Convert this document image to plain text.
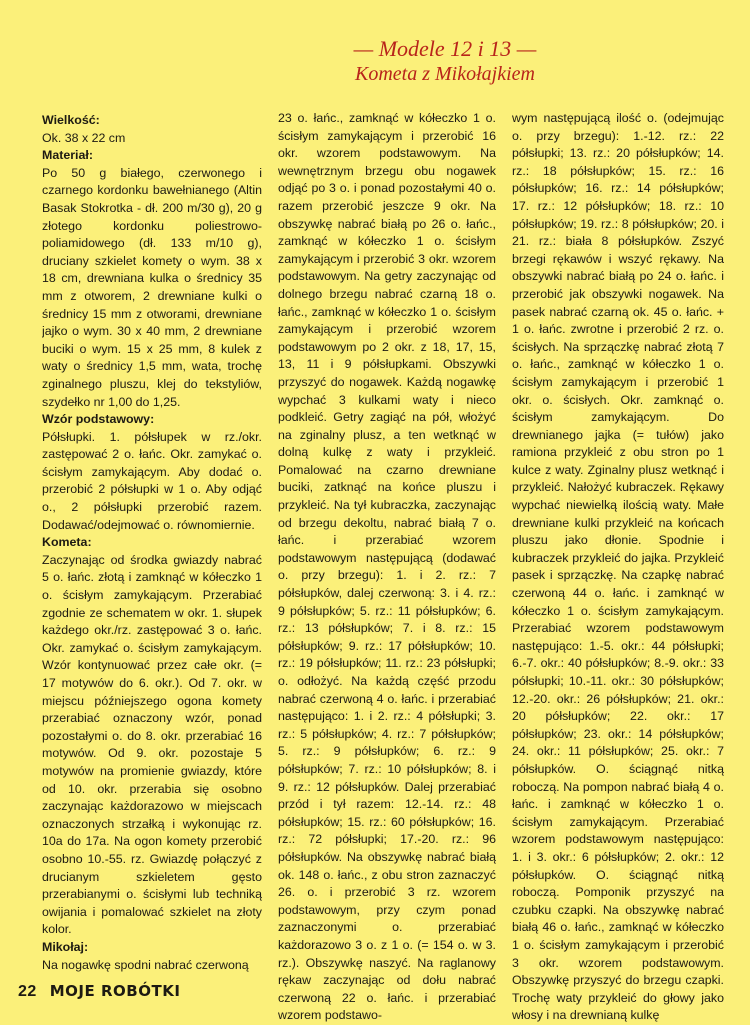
— Modele 12 i 13 —
Kometa z Mikołajkiem

Wielkość:

Ok. 38 x 22 cm

Materiał:

Po 50 g białego, czerwonego i czarnego kordonku bawełnianego (Altin Basak Stokrotka - dł. 200 m/30 g), 20 g złotego kordonku poliestrowo-poliamidowego (dł. 133 m/10 g), druciany szkielet komety o wym. 38 x 18 cm, drewniana kulka o średnicy 35 mm z otworem, 2 drewniane kulki o średnicy 15 mm z otworami, drewniane jajko o wym. 30 x 40 mm, 2 drewniane buciki o wym. 15 x 25 mm, 8 kulek z waty o średnicy 1,5 mm, wata, trochę zginalnego pluszu, klej do tekstyliów, szydełko nr 1,00 do 1,25.

Wzór podstawowy:

Półsłupki. 1. półsłupek w rz./okr. zastępować 2 o. łańc. Okr. zamykać o. ścisłym zamykającym. Aby dodać o. przerobić 2 półsłupki w 1 o. Aby odjąć o., 2 półsłupki przerobić razem. Dodawać/odejmować o. równomiernie.

Kometa:

Zaczynając od środka gwiazdy nabrać 5 o. łańc. złotą i zamknąć w kółeczko 1 o. ścisłym zamykającym. Przerabiać zgodnie ze schematem w okr. 1. słupek każdego okr./rz. zastępować 3 o. łańc. Okr. zamykać o. ścisłym zamykającym. Wzór kontynuować przez całe okr. (= 17 motywów do 6. okr.). Od 7. okr. w miejscu późniejszego ogona komety przerabiać oznaczony wzór, ponad pozostałymi o. do 8. okr. przerabiać 16 motywów. Od 9. okr. pozostaje 5 motywów na promienie gwiazdy, które od 10. okr. przerabia się osobno zaczynając każdorazowo w miejscach oznaczonych strzałką i wykonując rz. 10a do 17a. Na ogon komety przerobić osobno 10.-55. rz. Gwiazdę połączyć z drucianym szkieletem gęsto przerabianymi o. ścisłymi lub techniką owijania i pomalować szkielet na złoty kolor.

Mikołaj:

Na nogawkę spodni nabrać czerwoną

23 o. łańc., zamknąć w kółeczko 1 o. ścisłym zamykającym i przerobić 16 okr. wzorem podstawowym. Na wewnętrznym brzegu obu nogawek odjąć po 3 o. i ponad pozostałymi 40 o. razem przerobić jeszcze 9 okr. Na obszywkę nabrać białą po 26 o. łańc., zamknąć w kółeczko 1 o. ścisłym zamykającym i przerobić 3 okr. wzorem podstawowym. Na getry zaczynając od dolnego brzegu nabrać czarną 18 o. łańc., zamknąć w kółeczko 1 o. ścisłym zamykającym i przerobić wzorem podstawowym po 2 okr. z 18, 17, 15, 13, 11 i 9 półsłupkami. Obszywki przyszyć do nogawek. Każdą nogawkę wypchać 3 kulkami waty i nieco podkleić. Getry zagiąć na pół, włożyć na zginalny plusz, a ten wetknąć w dolną kulkę z waty i przykleić. Pomalować na czarno drewniane buciki, zatknąć na końce pluszu i przykleić. Na tył kubraczka, zaczynając od brzegu dekoltu, nabrać białą 7 o. łańc. i przerabiać wzorem podstawowym następującą (dodawać o. przy brzegu): 1. i 2. rz.: 7 półsłupków, dalej czerwoną: 3. i 4. rz.: 9 półsłupków; 5. rz.: 11 półsłupków; 6. rz.: 13 półsłupków; 7. i 8. rz.: 15 półsłupków; 9. rz.: 17 półsłupków; 10. rz.: 19 półsłupków; 11. rz.: 23 półsłupki; o. odłożyć. Na każdą część przodu nabrać czerwoną 4 o. łańc. i przerabiać następująco: 1. i 2. rz.: 4 półsłupki; 3. rz.: 5 półsłupków; 4. rz.: 7 półsłupków; 5. rz.: 9 półsłupków; 6. rz.: 9 półsłupków; 7. rz.: 10 półsłupków; 8. i 9. rz.: 12 półsłupków. Dalej przerabiać przód i tył razem: 12.-14. rz.: 48 półsłupków; 15. rz.: 60 półsłupków; 16. rz.: 72 półsłupki; 17.-20. rz.: 96 półsłupków. Na obszywkę nabrać białą ok. 148 o. łańc., z obu stron zaznaczyć 26. o. i przerobić 3 rz. wzorem podstawowym, przy czym ponad zaznaczonymi o. przerabiać każdorazowo 3 o. z 1 o. (= 154 o. w 3. rz.). Obszywkę naszyć. Na raglanowy rękaw zaczynając od dołu nabrać czerwoną 22 o. łańc. i przerabiać wzorem podstawo-

wym następującą ilość o. (odejmując o. przy brzegu): 1.-12. rz.: 22 półsłupki; 13. rz.: 20 półsłupków; 14. rz.: 18 półsłupków; 15. rz.: 16 półsłupków; 16. rz.: 14 półsłupków; 17. rz.: 12 półsłupków; 18. rz.: 10 półsłupków; 19. rz.: 8 półsłupków; 20. i 21. rz.: biała 8 półsłupków. Zszyć brzegi rękawów i wszyć rękawy. Na obszywki nabrać białą po 24 o. łańc. i przerobić jak obszywki nogawek. Na pasek nabrać czarną ok. 45 o. łańc. + 1 o. łańc. zwrotne i przerobić 2 rz. o. ścisłych. Na sprzączkę nabrać złotą 7 o. łańc., zamknąć w kółeczko 1 o. ścisłym zamykającym i przerobić 1 okr. o. ścisłych. Okr. zamknąć o. ścisłym zamykającym. Do drewnianego jajka (= tułów) jako ramiona przykleić z obu stron po 1 kulce z waty. Zginalny plusz wetknąć i przykleić. Nałożyć kubraczek. Rękawy wypchać niewielką ilością waty. Małe drewniane kulki przykleić na końcach pluszu jako dłonie. Spodnie i kubraczek przykleić do jajka. Przykleić pasek i sprzączkę. Na czapkę nabrać czerwoną 44 o. łańc. i zamknąć w kółeczko 1 o. ścisłym zamykającym. Przerabiać wzorem podstawowym następująco: 1.-5. okr.: 44 półsłupki; 6.-7. okr.: 40 półsłupków; 8.-9. okr.: 33 półsłupki; 10.-11. okr.: 30 półsłupków; 12.-20. okr.: 26 półsłupków; 21. okr.: 20 półsłupków; 22. okr.: 17 półsłupków; 23. okr.: 14 półsłupków; 24. okr.: 11 półsłupków; 25. okr.: 7 półsłupków. O. ściągnąć nitką roboczą. Na pompon nabrać białą 4 o. łańc. i zamknąć w kółeczko 1 o. ścisłym zamykającym. Przerabiać wzorem podstawowym następująco: 1. i 3. okr.: 6 półsłupków; 2. okr.: 12 półsłupków. O. ściągnąć nitką roboczą. Pomponik przyszyć na czubku czapki. Na obszywkę nabrać białą 46 o. łańc., zamknąć w kółeczko 1 o. ścisłym zamykającym i przerobić 3 okr. wzorem podstawowym. Obszywkę przyszyć do brzegu czapki. Trochę waty przykleić do głowy jako włosy i na drewnianą kulkę

22 MOJE ROBÓTKI
